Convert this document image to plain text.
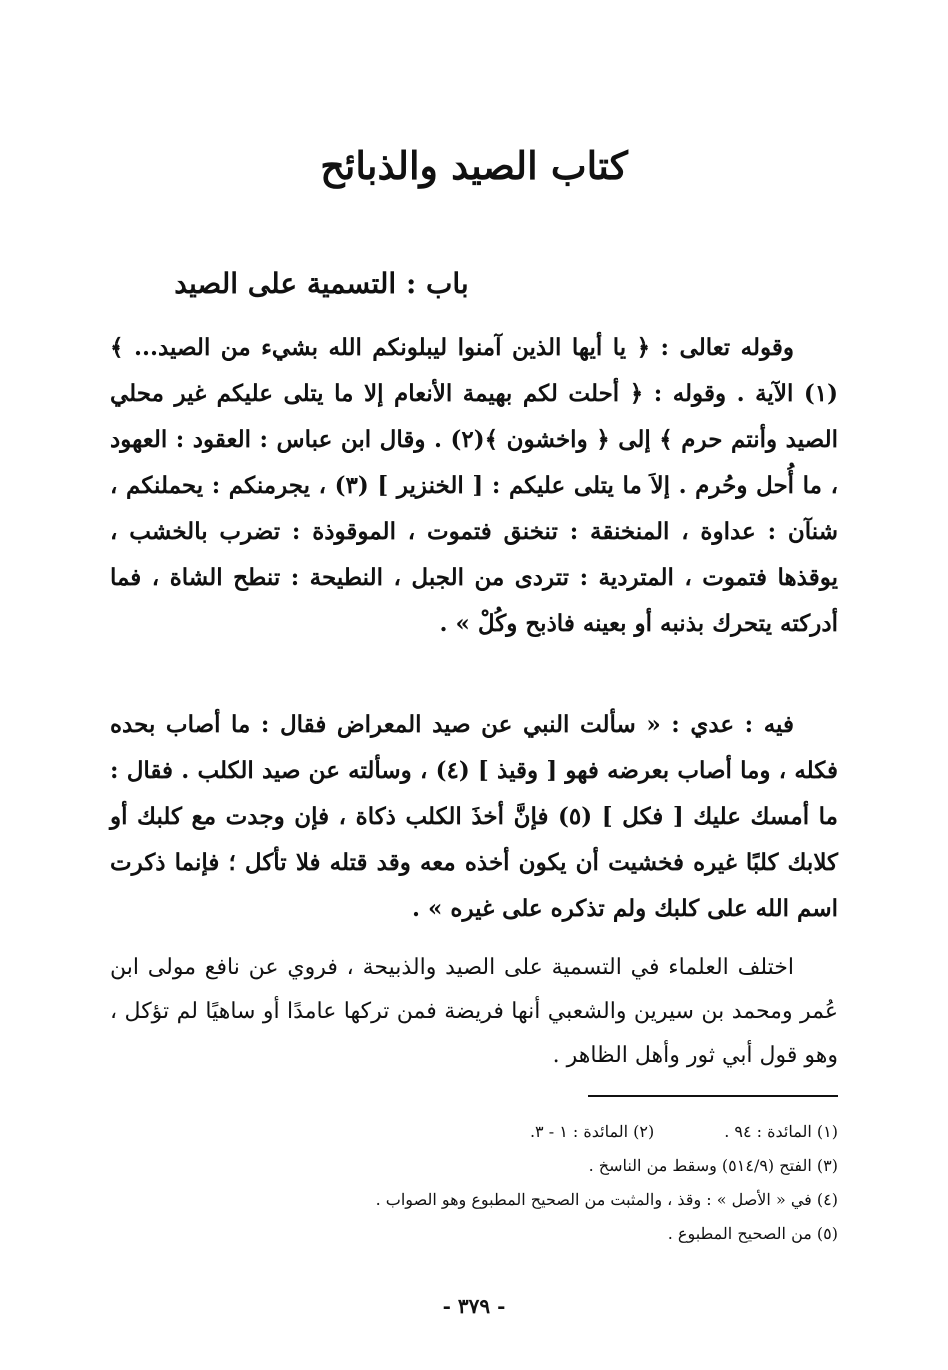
كتاب الصيد والذبائح
باب : التسمية على الصيد

وقوله تعالى : ﴿ يا أيها الذين آمنوا ليبلونكم الله بشيء من الصيد... ﴾ (١) الآية . وقوله : ﴿ أحلت لكم بهيمة الأنعام إلا ما يتلى عليكم غير محلي الصيد وأنتم حرم ﴾ إلى ﴿ واخشون ﴾(٢) . وقال ابن عباس : العقود : العهود ، ما أُحل وحُرم . إلاَ ما يتلى عليكم : [ الخنزير ] (٣) ، يجرمنكم : يحملنكم ، شنآن : عداوة ، المنخنقة : تنخنق فتموت ، الموقوذة : تضرب بالخشب ، يوقذها فتموت ، المتردية : تتردى من الجبل ، النطيحة : تنطح الشاة ، فما أدركته يتحرك بذنبه أو بعينه فاذبح وكُلْ » .

فيه : عدي : « سألت النبي عن صيد المعراض فقال : ما أصاب بحده فكله ، وما أصاب بعرضه فهو [ وقيذ ] (٤) ، وسألته عن صيد الكلب . فقال : ما أمسك عليك [ فكل ] (٥) فإنَّ أخذَ الكلب ذكاة ، فإن وجدت مع كلبك أو كلابك كلبًا غيره فخشيت أن يكون أخذه معه وقد قتله فلا تأكل ؛ فإنما ذكرت اسم الله على كلبك ولم تذكره على غيره » .

اختلف العلماء في التسمية على الصيد والذبيحة ، فروي عن نافع مولى ابن عُمر ومحمد بن سيرين والشعبي أنها فريضة فمن تركها عامدًا أو ساهيًا لم تؤكل ، وهو قول أبي ثور وأهل الظاهر .

(١) المائدة : ٩٤ .(٢) المائدة : ١ - ٣.
(٣) الفتح (٥١٤/٩) وسقط من الناسخ .
(٤) في « الأصل » : وقذ ، والمثبت من الصحيح المطبوع وهو الصواب .
(٥) من الصحيح المطبوع .
- ٣٧٩ -
